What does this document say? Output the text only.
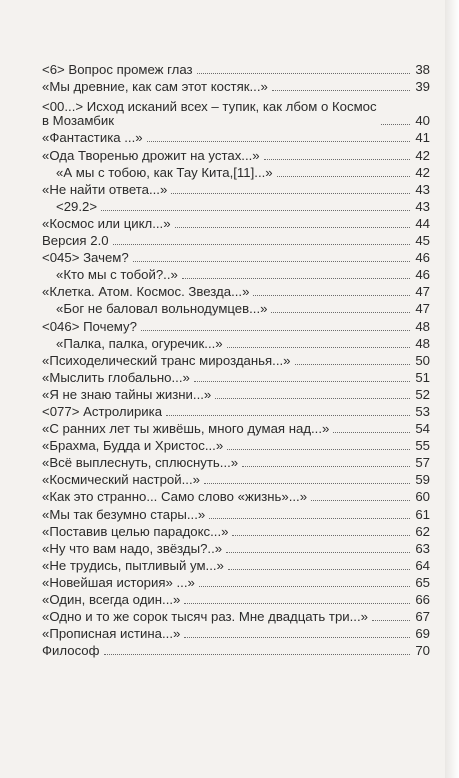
<6> Вопрос промеж глаз	38
«Мы древние, как сам этот костяк...»	39
<00...> Исход исканий всех – тупик, как лбом о Космос
в Мозамбик	40
«Фантастика ...»	41
«Ода Творенью дрожит на устах...»	42
«А мы с тобою, как Тау Кита,[11]...»	42
«Не найти ответа...»	43
<29.2>	43
«Космос или цикл...»	44
Версия 2.0	45
<045> Зачем?	46
«Кто мы с тобой?..»	46
«Клетка. Атом. Космос. Звезда...»	47
«Бог не баловал вольнодумцев...»	47
<046> Почему?	48
«Палка, палка, огуречик...»	48
«Психоделический транс мирозданья...»	50
«Мыслить глобально...»	51
«Я не знаю тайны жизни...»	52
<077> Астролирика	53
«С ранних лет ты живёшь, много думая над...»	54
«Брахма, Будда и Христос...»	55
«Всё выплеснуть, сплюснуть...»	57
«Космический настрой...»	59
«Как это странно... Само слово «жизнь»...»	60
«Мы так безумно стары...»	61
«Поставив целью парадокс...»	62
«Ну что вам надо, звёзды?..»	63
«Не трудись, пытливый ум...»	64
«Новейшая история» ...»	65
«Один, всегда один...»	66
«Одно и то же сорок тысяч раз. Мне двадцать три...»	67
«Прописная истина...»	69
Философ	70
